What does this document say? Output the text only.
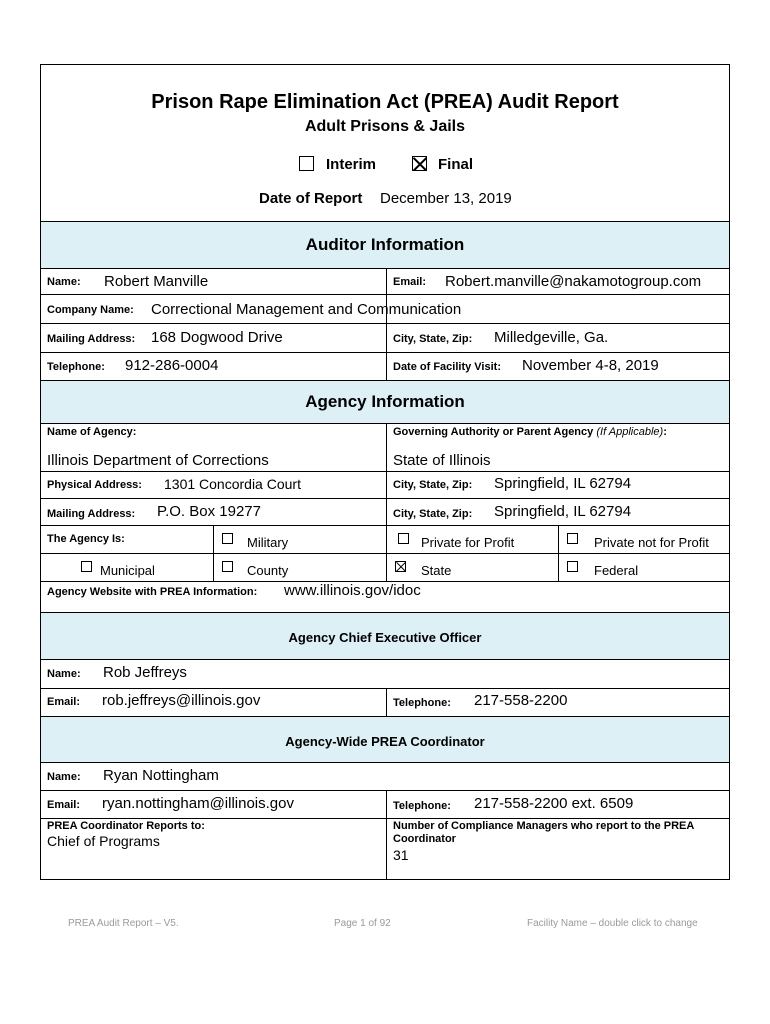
Prison Rape Elimination Act (PREA) Audit Report
Adult Prisons & Jails
Interim	Final
Date of Report December 13, 2019
Auditor Information
Name: Robert Manville	Email: Robert.manville@nakamotogroup.com
Company Name: Correctional Management and Communication
Mailing Address: 168 Dogwood Drive	City, State, Zip: Milledgeville, Ga.
Telephone: 912-286-0004	Date of Facility Visit: November 4-8, 2019
Agency Information
Name of Agency:	Governing Authority or Parent Agency (If Applicable):
Illinois Department of Corrections	State of Illinois
Physical Address: 1301 Concordia Court	City, State, Zip: Springfield, IL 62794
Mailing Address: P.O. Box 19277	City, State, Zip: Springfield, IL 62794
The Agency Is:	Military	Private for Profit	Private not for Profit
Municipal	County	State	Federal
Agency Website with PREA Information: www.illinois.gov/idoc
Agency Chief Executive Officer
Name: Rob Jeffreys
Email: rob.jeffreys@illinois.gov	Telephone: 217-558-2200
Agency-Wide PREA Coordinator
Name: Ryan Nottingham
Email: ryan.nottingham@illinois.gov	Telephone: 217-558-2200 ext. 6509
PREA Coordinator Reports to:
Chief of Programs
Number of Compliance Managers who report to the PREA Coordinator
31
PREA Audit Report – V5.	Page 1 of 92	Facility Name – double click to change
